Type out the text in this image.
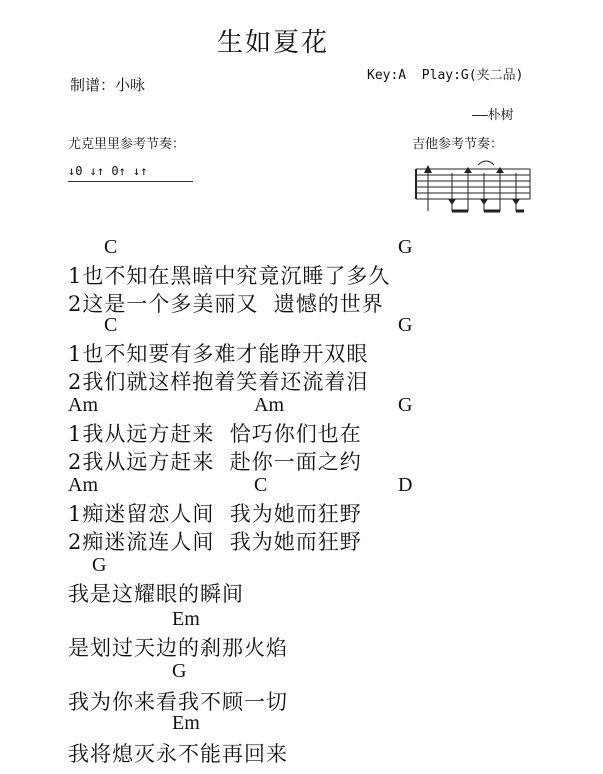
生如夏花
制谱：小咏
Key:A  Play:G(夹二品)
——朴树
尤克里里参考节奏：
↓0 ↓↑ 0↑ ↓↑
吉他参考节奏：
C	G
1也不知在黑暗中究竟沉睡了多久
2这是一个多美丽又  遗憾的世界
C	G
1也不知要有多难才能睁开双眼
2我们就这样抱着笑着还流着泪
Am	Am	G
1我从远方赶来  恰巧你们也在
2我从远方赶来  赴你一面之约
Am	C	D
1痴迷留恋人间  我为她而狂野
2痴迷流连人间  我为她而狂野
G
我是这耀眼的瞬间
Em
是划过天边的刹那火焰
G
我为你来看我不顾一切
Em
我将熄灭永不能再回来
